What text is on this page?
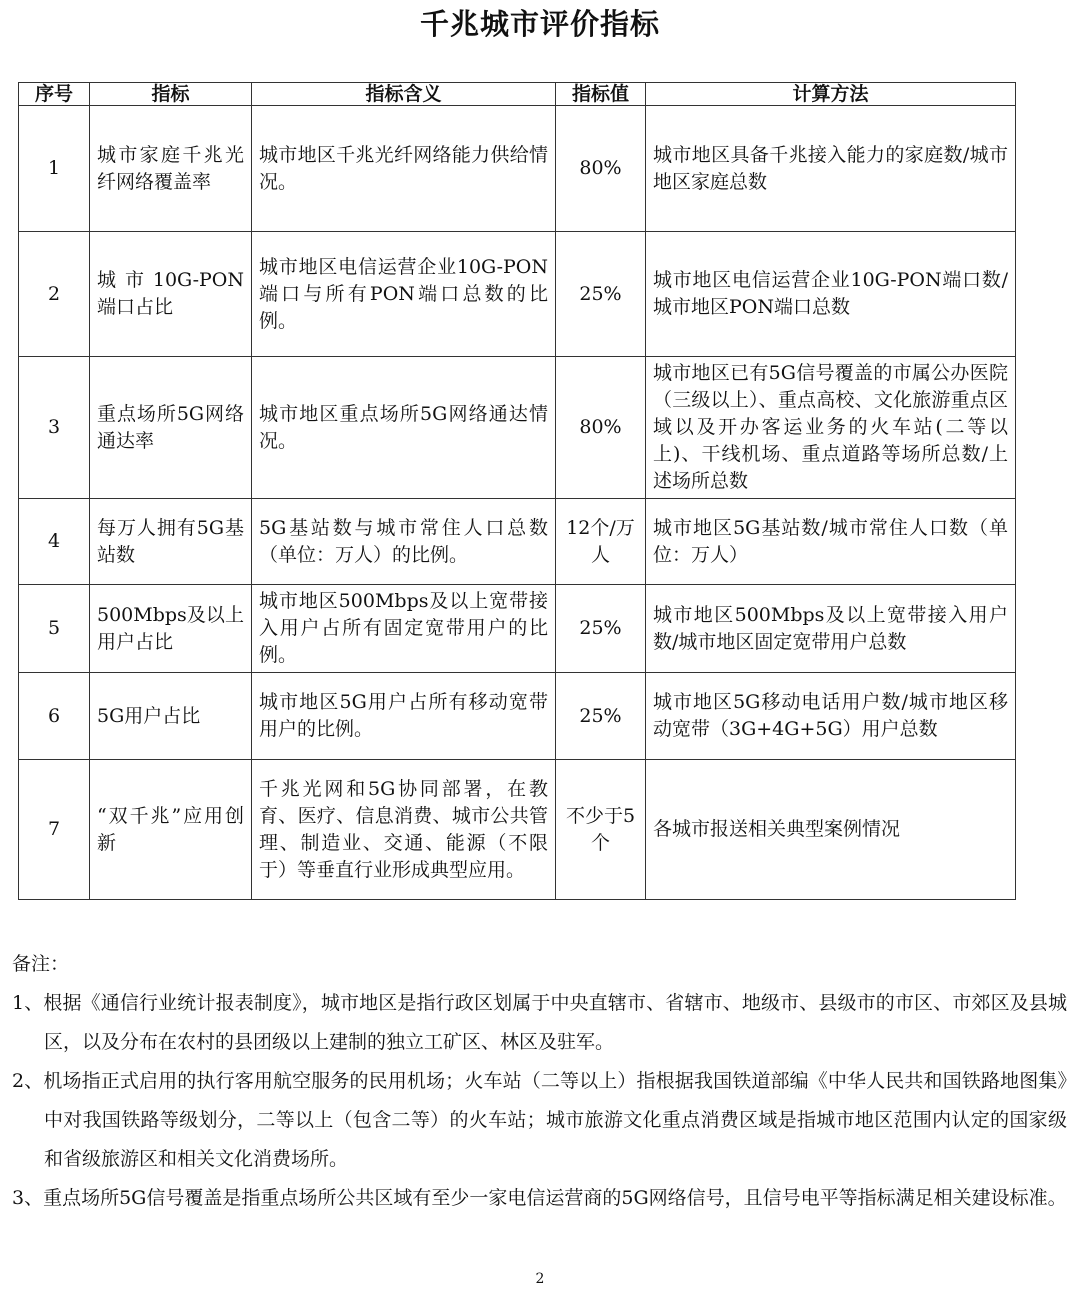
千兆城市评价指标
序号	指标	指标含义	指标值	计算方法
1	城市家庭千兆光纤网络覆盖率	城市地区千兆光纤网络能力供给情况。	80%	城市地区具备千兆接入能力的家庭数/城市地区家庭总数
2	城市10G-PON端口占比	城市地区电信运营企业10G-PON端口与所有PON端口总数的比例。	25%	城市地区电信运营企业10G-PON端口数/城市地区PON端口总数
3	重点场所5G网络通达率	城市地区重点场所5G网络通达情况。	80%	城市地区已有5G信号覆盖的市属公办医院（三级以上）、重点高校、文化旅游重点区域以及开办客运业务的火车站(二等以上)、干线机场、重点道路等场所总数/上述场所总数
4	每万人拥有5G基站数	5G基站数与城市常住人口总数（单位：万人）的比例。	12个/万人	城市地区5G基站数/城市常住人口数（单位：万人）
5	500Mbps及以上用户占比	城市地区500Mbps及以上宽带接入用户占所有固定宽带用户的比例。	25%	城市地区500Mbps及以上宽带接入用户数/城市地区固定宽带用户总数
6	5G用户占比	城市地区5G用户占所有移动宽带用户的比例。	25%	城市地区5G移动电话用户数/城市地区移动宽带（3G+4G+5G）用户总数
7	“双千兆”应用创新	千兆光网和5G协同部署，在教育、医疗、信息消费、城市公共管理、制造业、交通、能源（不限于）等垂直行业形成典型应用。	不少于5个	各城市报送相关典型案例情况
备注：
1、根据《通信行业统计报表制度》，城市地区是指行政区划属于中央直辖市、省辖市、地级市、县级市的市区、市郊区及县城区，以及分布在农村的县团级以上建制的独立工矿区、林区及驻军。
2、机场指正式启用的执行客用航空服务的民用机场；火车站（二等以上）指根据我国铁道部编《中华人民共和国铁路地图集》中对我国铁路等级划分，二等以上（包含二等）的火车站；城市旅游文化重点消费区域是指城市地区范围内认定的国家级和省级旅游区和相关文化消费场所。
3、重点场所5G信号覆盖是指重点场所公共区域有至少一家电信运营商的5G网络信号，且信号电平等指标满足相关建设标准。
2
